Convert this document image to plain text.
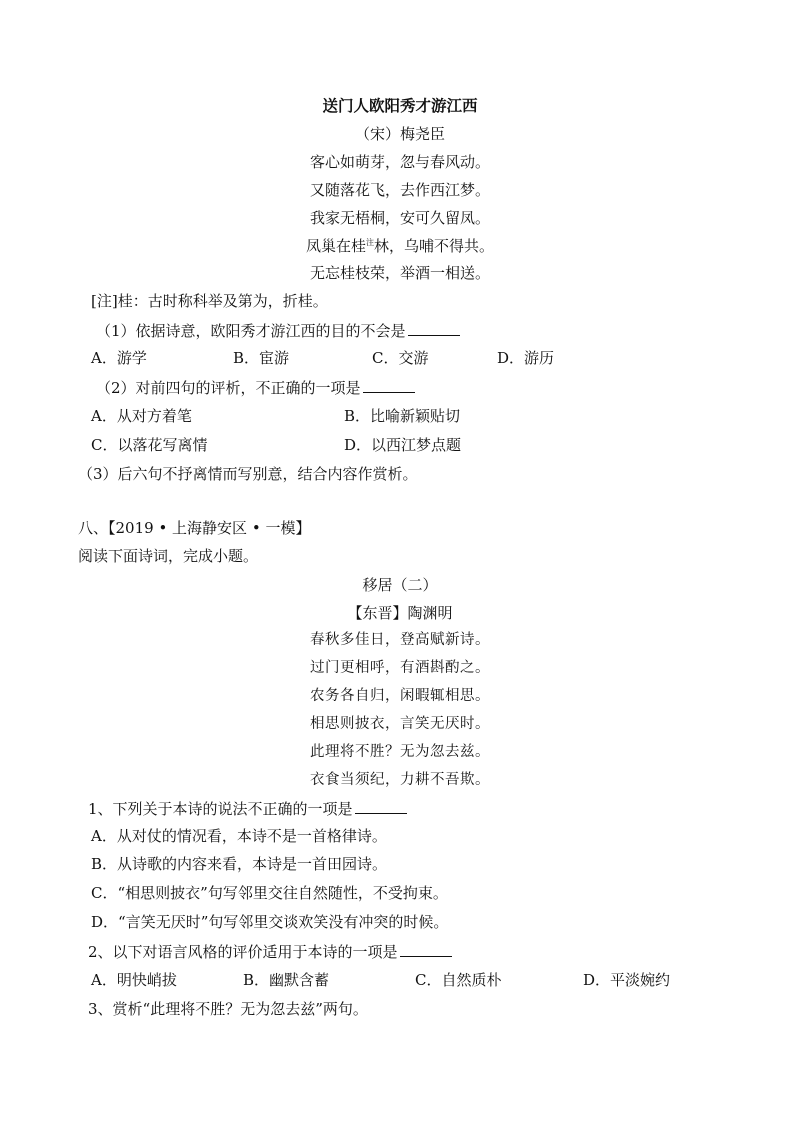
送门人欧阳秀才游江西
（宋）梅尧臣
客心如萌芽，忽与春风动。
又随落花飞，去作西江梦。
我家无梧桐，安可久留凤。
凤巢在桂$^注$林，乌哺不得共。
无忘桂枝荣，举酒一相送。
[注]桂：古时称科举及第为，折桂。
（1）依据诗意，欧阳秀才游江西的目的不会是
A．游学	B．宦游	C．交游	D．游历
（2）对前四句的评析，不正确的一项是
A．从对方着笔	B．比喻新颖贴切
C．以落花写离情	D．以西江梦点题
（3）后六句不抒离情而写别意，结合内容作赏析。
八、【2019 • 上海静安区 • 一模】
阅读下面诗词，完成小题。
移居（二）
【东晋】陶渊明
春秋多佳日，登高赋新诗。
过门更相呼，有酒斟酌之。
农务各自归，闲暇辄相思。
相思则披衣，言笑无厌时。
此理将不胜？无为忽去兹。
衣食当须纪，力耕不吾欺。
1、下列关于本诗的说法不正确的一项是
A．从对仗的情况看，本诗不是一首格律诗。
B．从诗歌的内容来看，本诗是一首田园诗。
C．“相思则披衣”句写邻里交往自然随性，不受拘束。
D．“言笑无厌时”句写邻里交谈欢笑没有冲突的时候。
2、以下对语言风格的评价适用于本诗的一项是
A．明快峭拔	B．幽默含蓄	C．自然质朴	D．平淡婉约
3、赏析“此理将不胜？无为忽去兹”两句。
